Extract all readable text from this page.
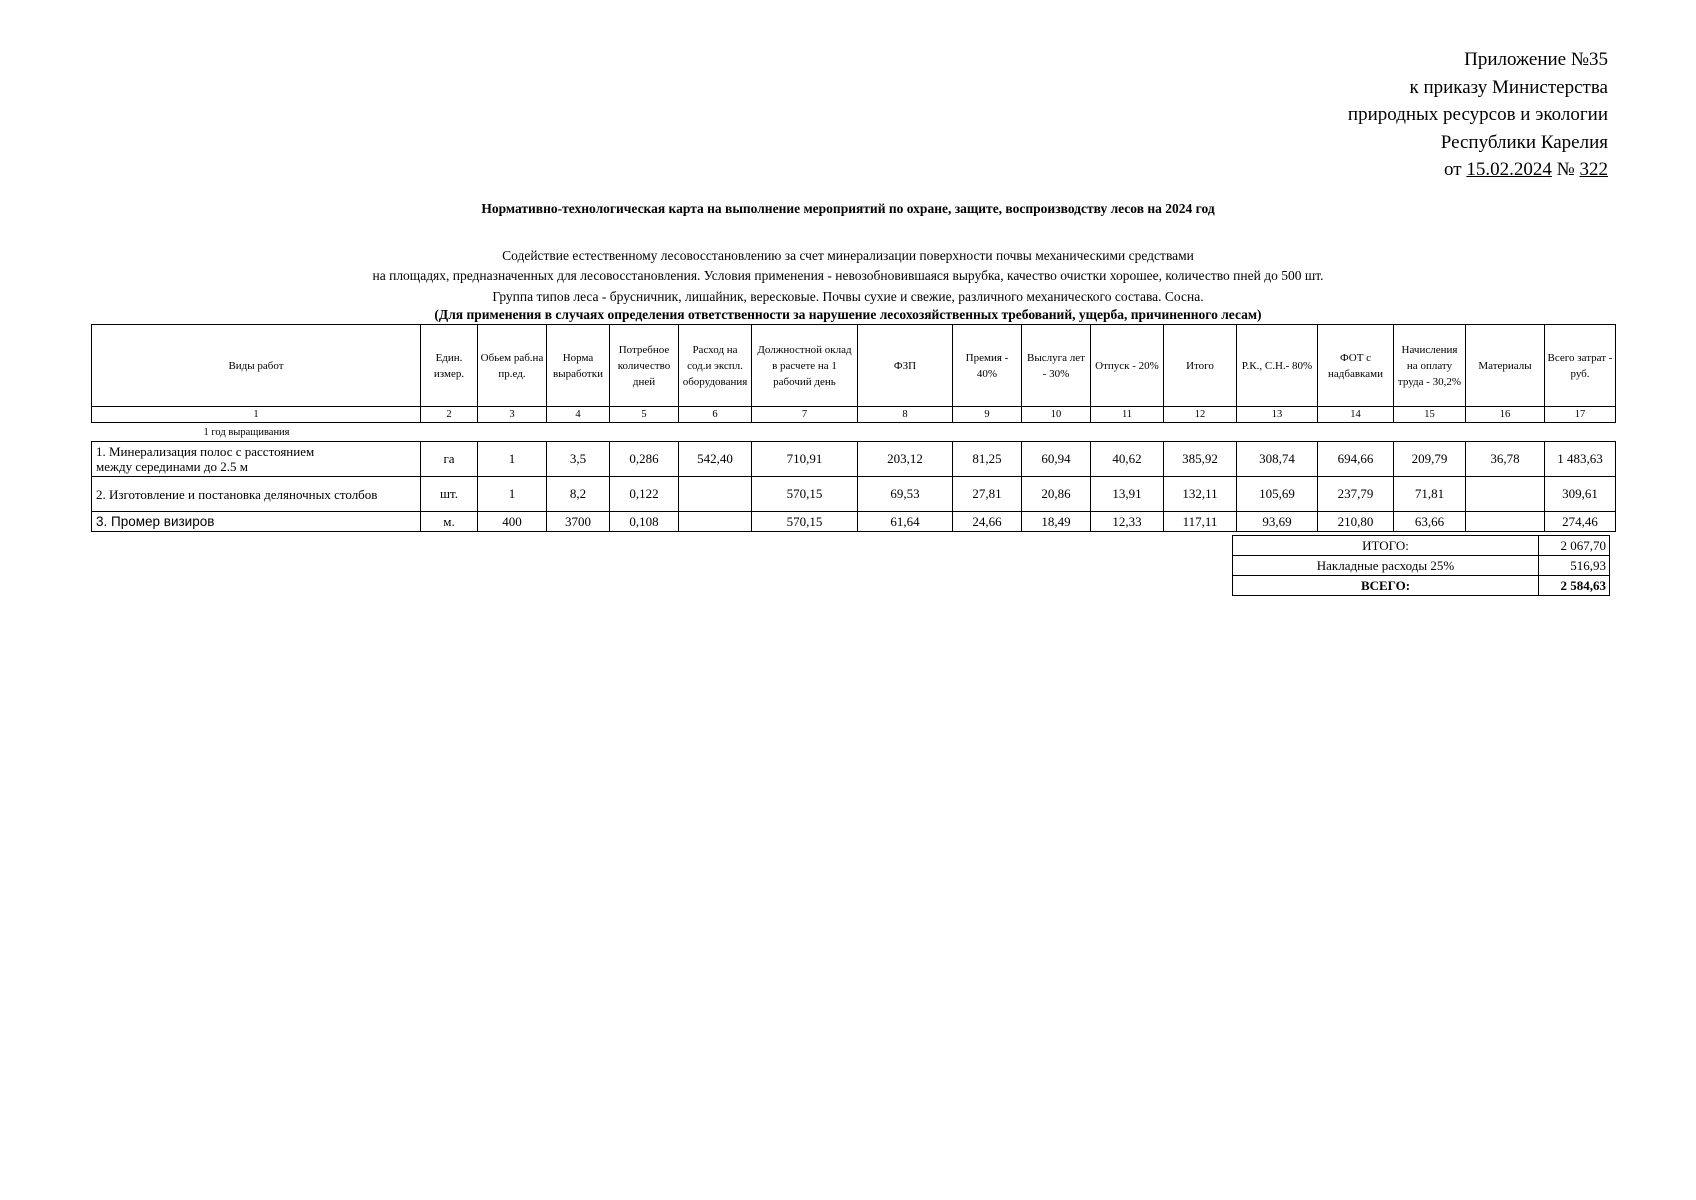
Приложение №35
к приказу Министерства
природных ресурсов и экологии
Республики Карелия
от 15.02.2024 № 322
Нормативно-технологическая карта на выполнение мероприятий по охране, защите, воспроизводству лесов на 2024 год
Содействие естественному лесовосстановлению за счет минерализации поверхности почвы механическими средствами
на площадях, предназначенных для лесовосстановления. Условия применения - невозобновившаяся вырубка, качество очистки хорошее, количество пней до 500 шт.
Группа типов леса - брусничник, лишайник, вересковые. Почвы сухие и свежие, различного механического состава. Сосна.
(Для применения в случаях определения ответственности за нарушение лесохозяйственных требований, ущерба, причиненного лесам)
Виды работ	Един. измер.	Обьем раб.на пр.ед.	Норма выработки	Потребное количество дней	Расход на сод.и экспл. оборудования	Должностной оклад в расчете на 1 рабочий день	ФЗП	Премия - 40%	Выслуга лет - 30%	Отпуск - 20%	Итого	Р.К., С.Н.- 80%	ФОТ с надбавками	Начисления на оплату труда - 30,2%	Материалы	Всего затрат - руб.
1	2	3	4	5	6	7	8	9	10	11	12	13	14	15	16	17
1 год выращивания																
1. Минерализация полос с расстоянием
между серединами до 2.5 м	га	1	3,5	0,286	542,40	710,91	203,12	81,25	60,94	40,62	385,92	308,74	694,66	209,79	36,78	1 483,63
2. Изготовление и постановка деляночных столбов	шт.	1	8,2	0,122		570,15	69,53	27,81	20,86	13,91	132,11	105,69	237,79	71,81		309,61
3. Промер визиров	м.	400	3700	0,108		570,15	61,64	24,66	18,49	12,33	117,11	93,69	210,80	63,66		274,46
ИТОГО:	2 067,70
Накладные расходы 25%	516,93
ВСЕГО:	2 584,63
